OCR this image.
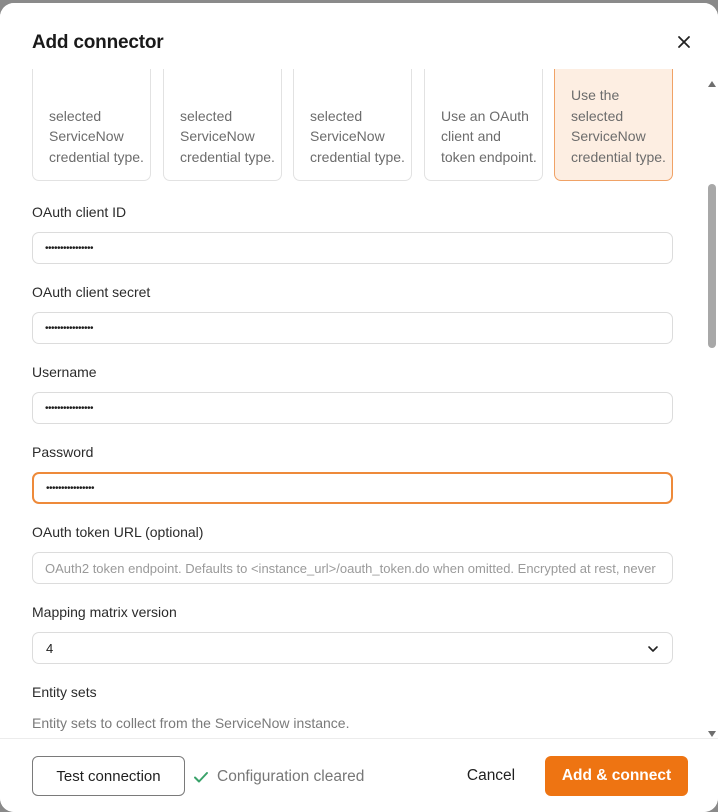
Add connector
selected ServiceNow credential type.
selected ServiceNow credential type.
selected ServiceNow credential type.
Use an OAuth client and token endpoint.
Use the selected ServiceNow credential type.
OAuth client ID
••••••••••••••••
OAuth client secret
••••••••••••••••
Username
••••••••••••••••
Password
••••••••••••••••
OAuth token URL (optional)
OAuth2 token endpoint. Defaults to <instance_url>/oauth_token.do when omitted. Encrypted at rest, never returned to the browser.
Mapping matrix version
4
Entity sets
Entity sets to collect from the ServiceNow instance.
Test connection	Configuration cleared	Cancel	Add & connect
